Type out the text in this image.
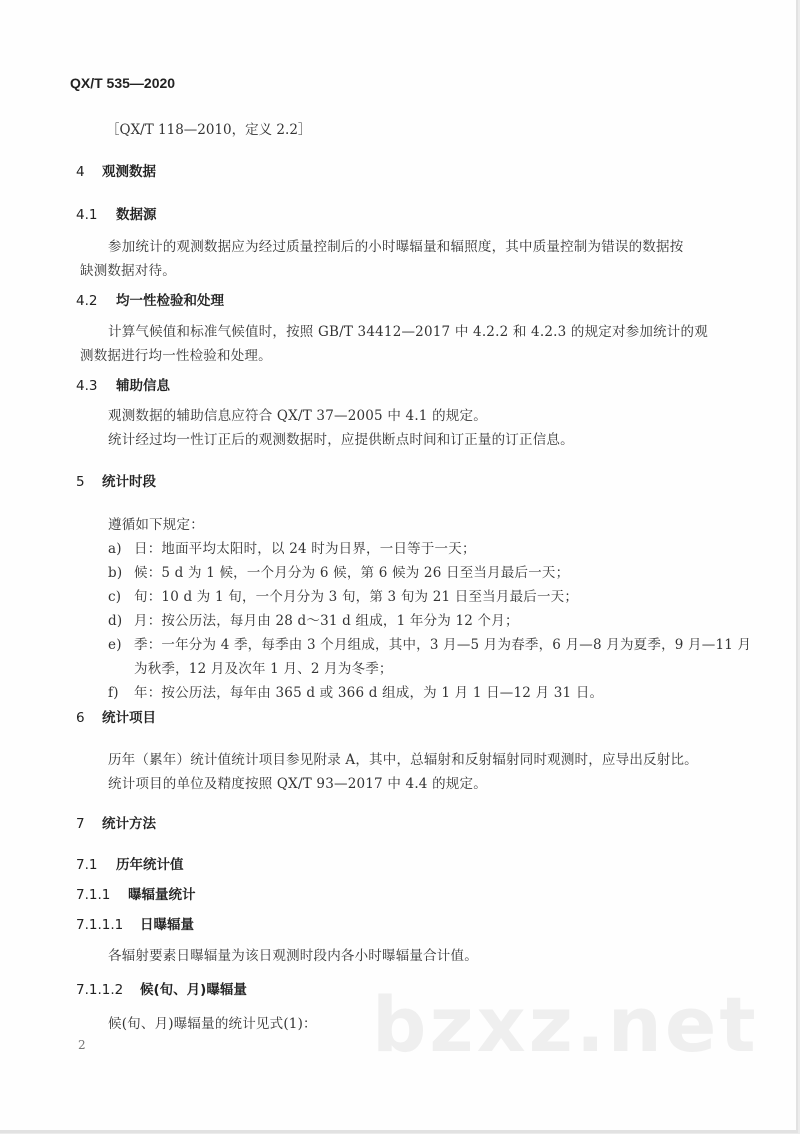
QX/T 535—2020
［QX/T 118—2010，定义 2.2］
4 观测数据
4.1 数据源
参加统计的观测数据应为经过质量控制后的小时曝辐量和辐照度，其中质量控制为错误的数据按
缺测数据对待。
4.2 均一性检验和处理
计算气候值和标准气候值时，按照 GB/T 34412—2017 中 4.2.2 和 4.2.3 的规定对参加统计的观
测数据进行均一性检验和处理。
4.3 辅助信息
观测数据的辅助信息应符合 QX/T 37—2005 中 4.1 的规定。
统计经过均一性订正后的观测数据时，应提供断点时间和订正量的订正信息。
5 统计时段
遵循如下规定：
a) 日：地面平均太阳时，以 24 时为日界，一日等于一天；
b) 候：5 d 为 1 候，一个月分为 6 候，第 6 候为 26 日至当月最后一天；
c) 旬：10 d 为 1 旬，一个月分为 3 旬，第 3 旬为 21 日至当月最后一天；
d) 月：按公历法，每月由 28 d～31 d 组成，1 年分为 12 个月；
e) 季：一年分为 4 季，每季由 3 个月组成，其中，3 月—5 月为春季，6 月—8 月为夏季，9 月—11 月
为秋季，12 月及次年 1 月、2 月为冬季；
f) 年：按公历法，每年由 365 d 或 366 d 组成，为 1 月 1 日—12 月 31 日。
6 统计项目
历年（累年）统计值统计项目参见附录 A，其中，总辐射和反射辐射同时观测时，应导出反射比。
统计项目的单位及精度按照 QX/T 93—2017 中 4.4 的规定。
7 统计方法
7.1 历年统计值
7.1.1 曝辐量统计
7.1.1.1 日曝辐量
各辐射要素日曝辐量为该日观测时段内各小时曝辐量合计值。
7.1.1.2 候(旬、月)曝辐量
候(旬、月)曝辐量的统计见式(1)： bzxz.net
2
